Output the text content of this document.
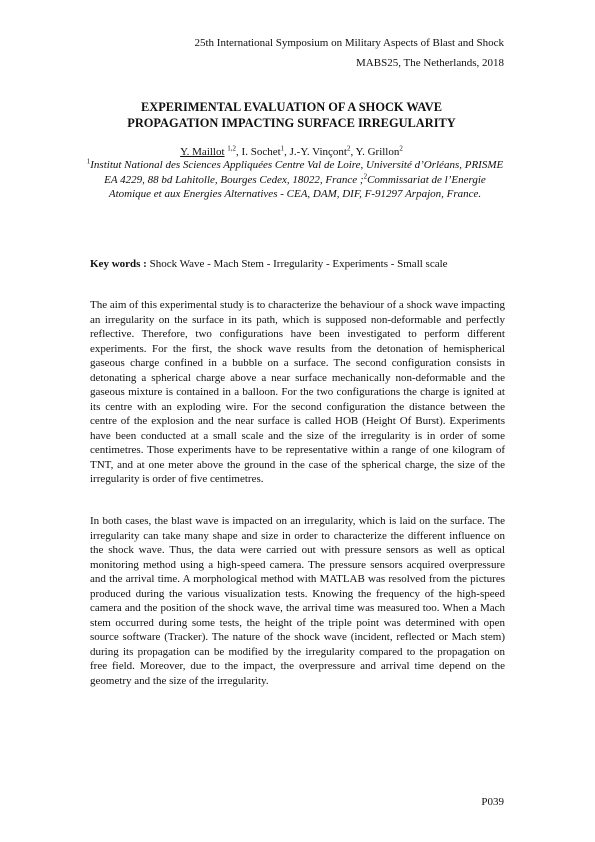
25th International Symposium on Military Aspects of Blast and Shock
MABS25, The Netherlands, 2018
EXPERIMENTAL EVALUATION OF A SHOCK WAVE
PROPAGATION IMPACTING SURFACE IRREGULARITY
Y. Maillot $^{1,2}$, I. Sochet$^1$, J.-Y. Vinçont$^2$, Y. Grillon$^2$
$^1$Institut National des Sciences Appliquées Centre Val de Loire, Université d’Orléans, PRISME EA 4229, 88 bd Lahitolle, Bourges Cedex, 18022, France ;$^2$Commissariat de l’Energie Atomique et aux Energies Alternatives - CEA, DAM, DIF, F-91297 Arpajon, France.
Key words : Shock Wave - Mach Stem - Irregularity - Experiments - Small scale

The aim of this experimental study is to characterize the behaviour of a shock wave impacting an irregularity on the surface in its path, which is supposed non-deformable and perfectly reflective. Therefore, two configurations have been investigated to perform different experiments. For the first, the shock wave results from the detonation of hemispherical gaseous charge confined in a bubble on a surface. The second configuration consists in detonating a spherical charge above a near surface mechanically non-deformable and the gaseous mixture is contained in a balloon. For the two configurations the charge is ignited at its centre with an exploding wire. For the second configuration the distance between the centre of the explosion and the near surface is called HOB (Height Of Burst). Experiments have been conducted at a small scale and the size of the irregularity is in order of some centimetres. Those experiments have to be representative within a range of one kilogram of TNT, and at one meter above the ground in the case of the spherical charge, the size of the irregularity is order of five centimetres.

In both cases, the blast wave is impacted on an irregularity, which is laid on the surface. The irregularity can take many shape and size in order to characterize the different influence on the shock wave. Thus, the data were carried out with pressure sensors as well as optical monitoring method using a high-speed camera. The pressure sensors acquired overpressure and the arrival time. A morphological method with MATLAB was resolved from the pictures produced during the various visualization tests. Knowing the frequency of the high-speed camera and the position of the shock wave, the arrival time was measured too. When a Mach stem occurred during some tests, the height of the triple point was determined with open source software (Tracker). The nature of the shock wave (incident, reflected or Mach stem) during its propagation can be modified by the irregularity compared to the propagation on free field. Moreover, due to the impact, the overpressure and arrival time depend on the geometry and the size of the irregularity.

P039
